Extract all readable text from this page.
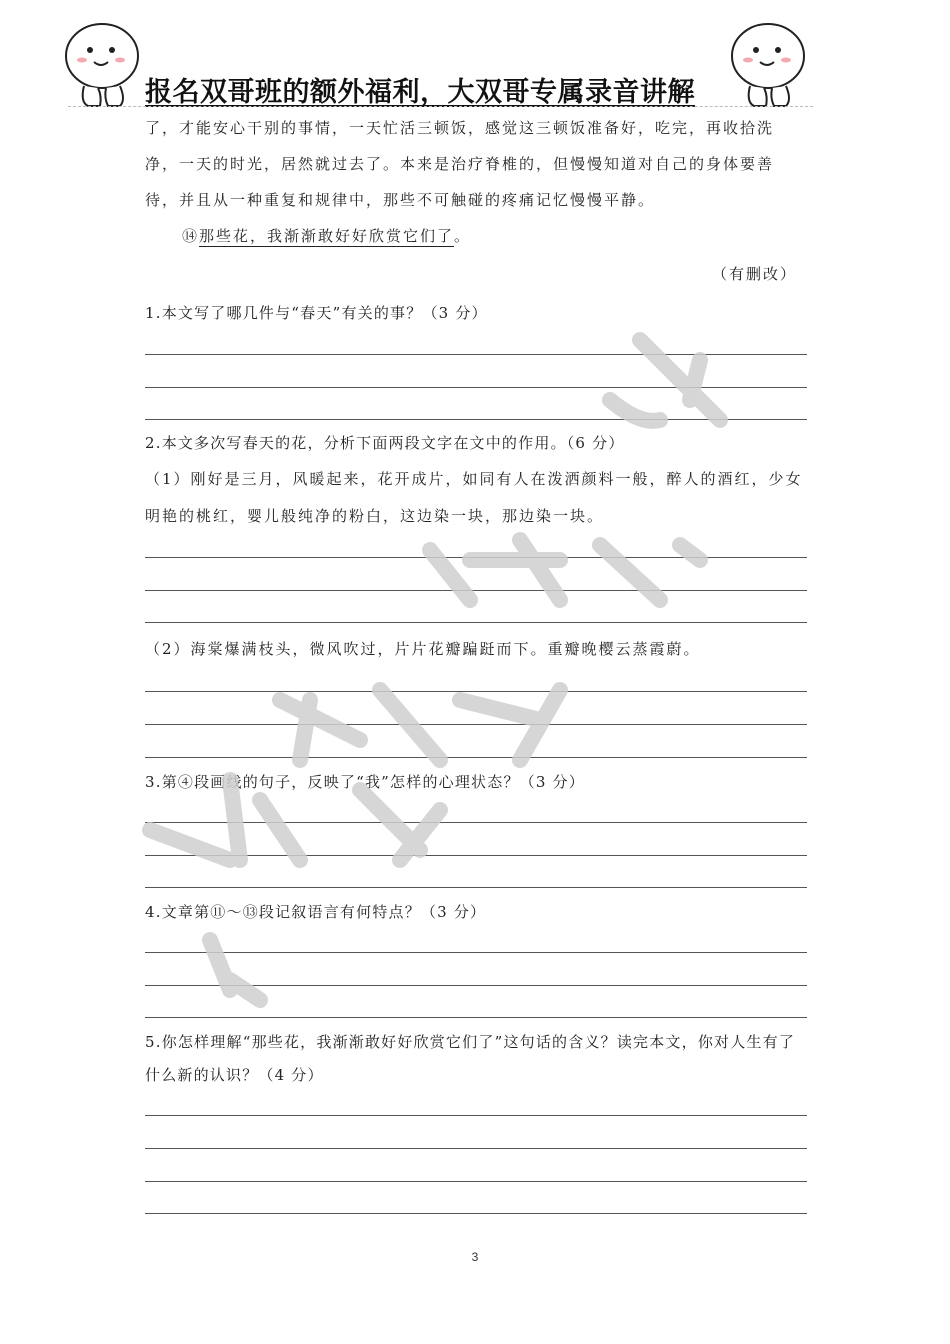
报名双哥班的额外福利，大双哥专属录音讲解
了，才能安心干别的事情，一天忙活三顿饭，感觉这三顿饭准备好，吃完，再收拾洗净，一天的时光，居然就过去了。本来是治疗脊椎的，但慢慢知道对自己的身体要善待，并且从一种重复和规律中，那些不可触碰的疼痛记忆慢慢平静。
⑭那些花，我渐渐敢好好欣赏它们了。
（有删改）
1.本文写了哪几件与“春天”有关的事？（3 分）
2.本文多次写春天的花，分析下面两段文字在文中的作用。（6 分）
（1）刚好是三月，风暖起来，花开成片，如同有人在泼洒颜料一般，醉人的酒红，少女明艳的桃红，婴儿般纯净的粉白，这边染一块，那边染一块。
（2）海棠爆满枝头，微风吹过，片片花瓣蹁跹而下。重瓣晚樱云蒸霞蔚。
3.第④段画线的句子，反映了“我”怎样的心理状态？（3 分）
4.文章第⑪～⑬段记叙语言有何特点？（3 分）
5.你怎样理解“那些花，我渐渐敢好好欣赏它们了”这句话的含义？读完本文，你对人生有了什么新的认识？（4 分）
3
